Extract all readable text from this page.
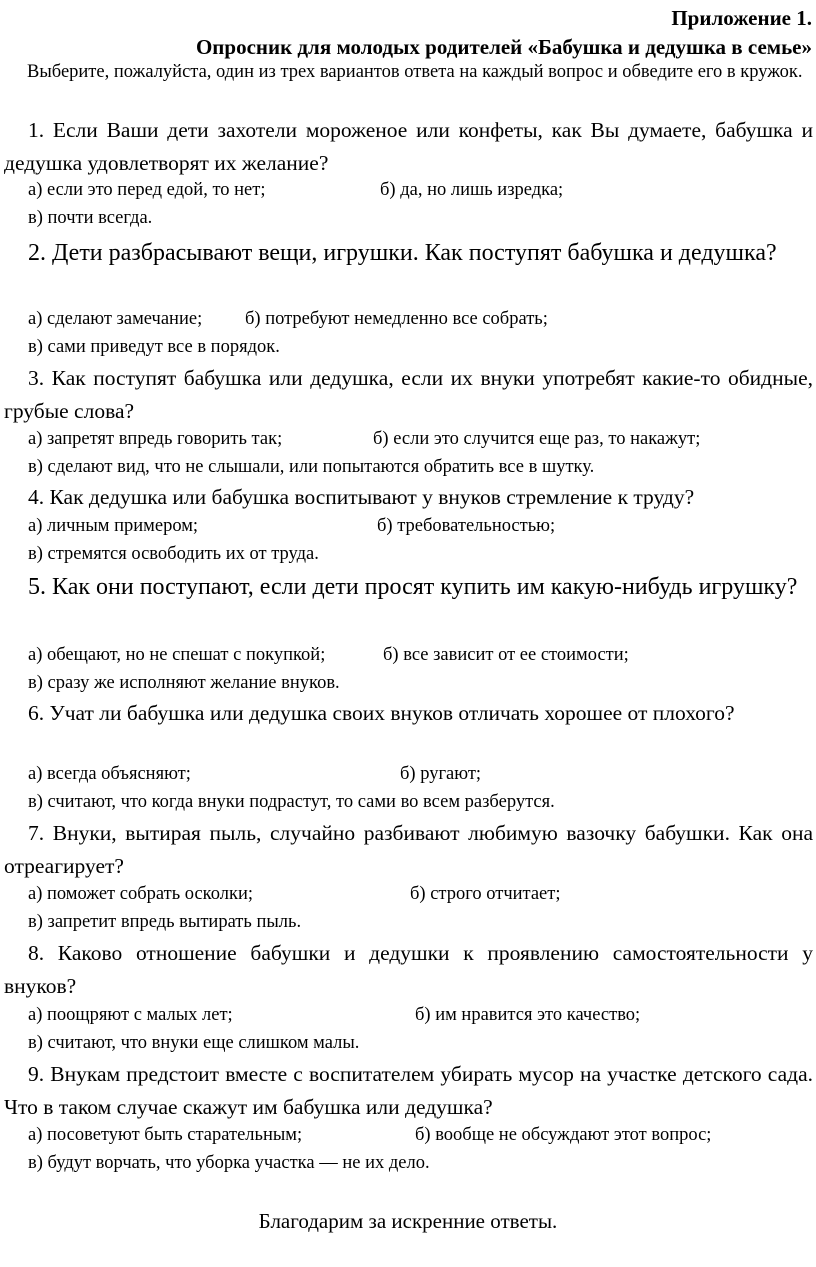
Приложение 1.
Опросник для молодых родителей «Бабушка и дедушка в семье»
Выберите, пожалуйста, один из трех вариантов ответа на каждый вопрос и обведите его в кружок.
1. Если Ваши дети захотели мороженое или конфеты, как Вы думаете, бабушка и дедушка удовлетворят их желание?
а) если это перед едой, то нет;	б) да, но лишь изредка;
в) почти всегда.
2. Дети разбрасывают вещи, игрушки. Как поступят бабушка и дедушка?
а) сделают замечание; б) потребуют немедленно все собрать;
в) сами приведут все в порядок.
3. Как поступят бабушка или дедушка, если их внуки употребят какие-то обидные, грубые слова?
а) запретят впредь говорить так;	б) если это случится еще раз, то накажут;
в) сделают вид, что не слышали, или попытаются обратить все в шутку.
4. Как дедушка или бабушка воспитывают у внуков стремление к труду?
а) личным примером;	б) требовательностью;
в) стремятся освободить их от труда.
5. Как они поступают, если дети просят купить им какую-нибудь игрушку?
а) обещают, но не спешат с покупкой;	б) все зависит от ее стоимости;
в) сразу же исполняют желание внуков.
6. Учат ли бабушка или дедушка своих внуков отличать хорошее от плохого?
а) всегда объясняют;	б) ругают;
в) считают, что когда внуки подрастут, то сами во всем разберутся.
7. Внуки, вытирая пыль, случайно разбивают любимую вазочку бабушки. Как она отреагирует?
а) поможет собрать осколки;	б) строго отчитает;
в) запретит впредь вытирать пыль.
8. Каково отношение бабушки и дедушки к проявлению самостоятельности у внуков?
а) поощряют с малых лет;	б) им нравится это качество;
в) считают, что внуки еще слишком малы.
9. Внукам предстоит вместе с воспитателем убирать мусор на участке детского сада. Что в таком случае скажут им бабушка или дедушка?
а) посоветуют быть старательным;	б) вообще не обсуждают этот вопрос;
в) будут ворчать, что уборка участка — не их дело.
Благодарим за искренние ответы.
